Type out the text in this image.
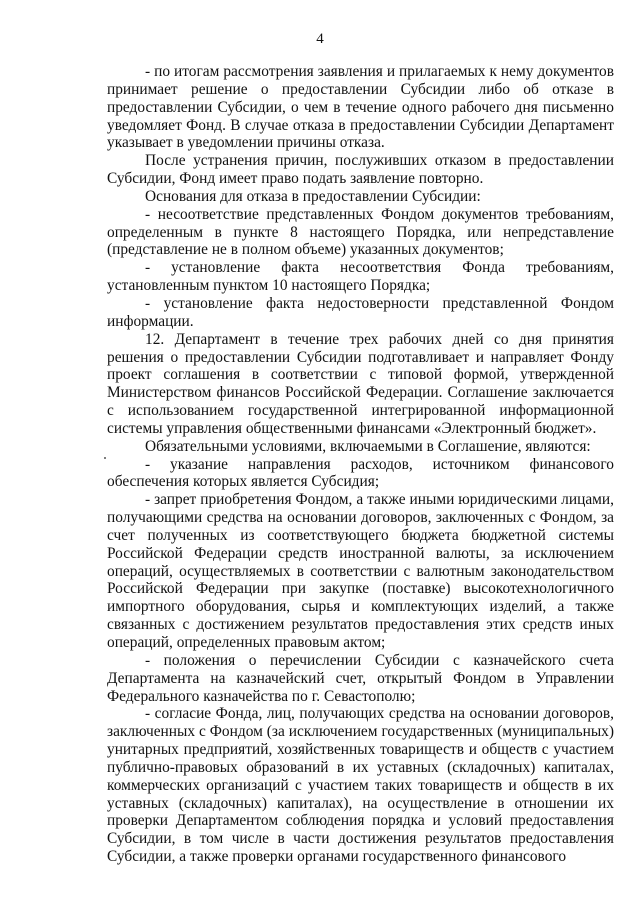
4

- по итогам рассмотрения заявления и прилагаемых к нему документов принимает решение о предоставлении Субсидии либо об отказе в предоставлении Субсидии, о чем в течение одного рабочего дня письменно уведомляет Фонд. В случае отказа в предоставлении Субсидии Департамент указывает в уведомлении причины отказа.

После устранения причин, послуживших отказом в предоставлении Субсидии, Фонд имеет право подать заявление повторно.

Основания для отказа в предоставлении Субсидии:

- несоответствие представленных Фондом документов требованиям, определенным в пункте 8 настоящего Порядка, или непредставление (представление не в полном объеме) указанных документов;

- установление факта несоответствия Фонда требованиям, установленным пунктом 10 настоящего Порядка;

- установление факта недостоверности представленной Фондом информации.

12. Департамент в течение трех рабочих дней со дня принятия решения о предоставлении Субсидии подготавливает и направляет Фонду проект соглашения в соответствии с типовой формой, утвержденной Министерством финансов Российской Федерации. Соглашение заключается с использованием государственной интегрированной информационной системы управления общественными финансами «Электронный бюджет».

Обязательными условиями, включаемыми в Соглашение, являются:

- указание направления расходов, источником финансового обеспечения которых является Субсидия;

- запрет приобретения Фондом, а также иными юридическими лицами, получающими средства на основании договоров, заключенных с Фондом, за счет полученных из соответствующего бюджета бюджетной системы Российской Федерации средств иностранной валюты, за исключением операций, осуществляемых в соответствии с валютным законодательством Российской Федерации при закупке (поставке) высокотехнологичного импортного оборудования, сырья и комплектующих изделий, а также связанных с достижением результатов предоставления этих средств иных операций, определенных правовым актом;

- положения о перечислении Субсидии с казначейского счета Департамента на казначейский счет, открытый Фондом в Управлении Федерального казначейства по г. Севастополю;

- согласие Фонда, лиц, получающих средства на основании договоров, заключенных с Фондом (за исключением государственных (муниципальных) унитарных предприятий, хозяйственных товариществ и обществ с участием публично-правовых образований в их уставных (складочных) капиталах, коммерческих организаций с участием таких товариществ и обществ в их уставных (складочных) капиталах), на осуществление в отношении их проверки Департаментом соблюдения порядка и условий предоставления Субсидии, в том числе в части достижения результатов предоставления Субсидии, а также проверки органами государственного финансового
